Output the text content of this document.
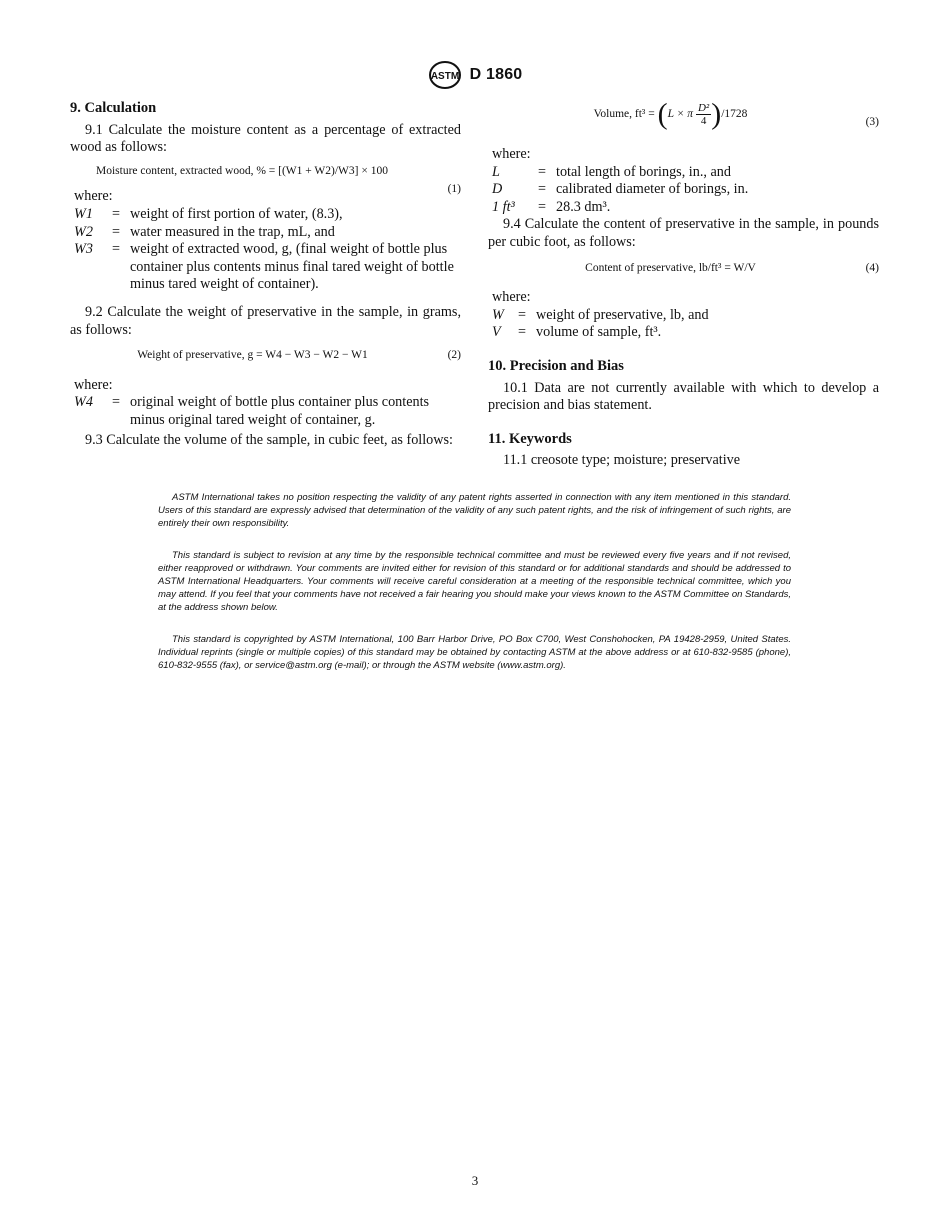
ASTM D 1860
9. Calculation

9.1 Calculate the moisture content as a percentage of extracted wood as follows:

Moisture content, extracted wood, % = [(W1 + W2)/W3] × 100
(1)
where:
W1	=	weight of first portion of water, (8.3),
W2	=	water measured in the trap, mL, and
W3	=	weight of extracted wood, g, (final weight of bottle plus container plus contents minus final tared weight of bottle minus tared weight of container).

9.2 Calculate the weight of preservative in the sample, in grams, as follows:

Weight of preservative, g = W4 − W3 − W2 − W1	(2)
where:
W4	=	original weight of bottle plus container plus contents minus original tared weight of container, g.

9.3 Calculate the volume of the sample, in cubic feet, as follows:

Volume, ft³ = (L × π $\frac{\text{D²}}{4} )/1728$
(3)
where:
L	=	total length of borings, in., and
D	=	calibrated diameter of borings, in.
1 ft³	=	28.3 dm³.

9.4 Calculate the content of preservative in the sample, in pounds per cubic foot, as follows:

Content of preservative, lb/ft³ = W/V	(4)
where:
W	=	weight of preservative, lb, and
V	=	volume of sample, ft³.
10. Precision and Bias

10.1 Data are not currently available with which to develop a precision and bias statement.

11. Keywords

11.1 creosote type; moisture; preservative

ASTM International takes no position respecting the validity of any patent rights asserted in connection with any item mentioned in this standard. Users of this standard are expressly advised that determination of the validity of any such patent rights, and the risk of infringement of such rights, are entirely their own responsibility.

This standard is subject to revision at any time by the responsible technical committee and must be reviewed every five years and if not revised, either reapproved or withdrawn. Your comments are invited either for revision of this standard or for additional standards and should be addressed to ASTM International Headquarters. Your comments will receive careful consideration at a meeting of the responsible technical committee, which you may attend. If you feel that your comments have not received a fair hearing you should make your views known to the ASTM Committee on Standards, at the address shown below.

This standard is copyrighted by ASTM International, 100 Barr Harbor Drive, PO Box C700, West Conshohocken, PA 19428-2959, United States. Individual reprints (single or multiple copies) of this standard may be obtained by contacting ASTM at the above address or at 610-832-9585 (phone), 610-832-9555 (fax), or service@astm.org (e-mail); or through the ASTM website (www.astm.org).

3
